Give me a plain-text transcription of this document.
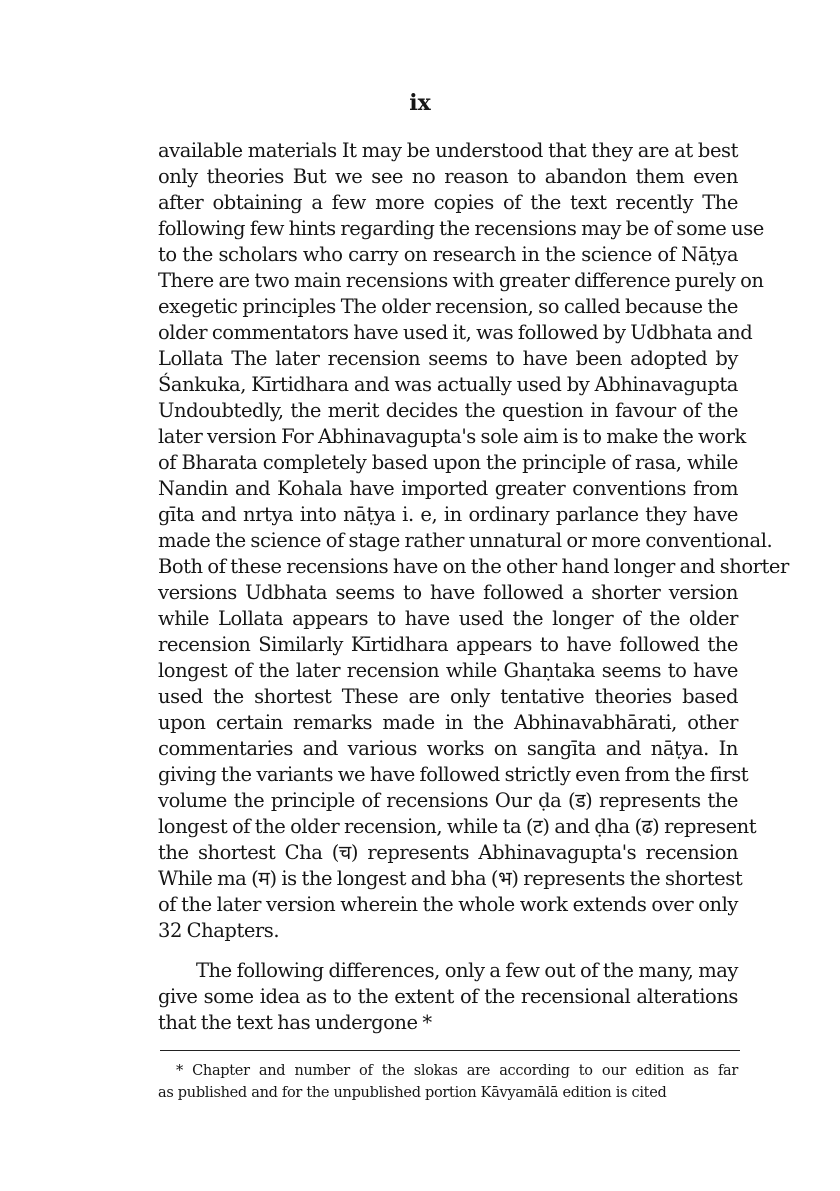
ix
available materials It may be understood that they are at best
only theories But we see no reason to abandon them even
after obtaining a few more copies of the text recently The
following few hints regarding the recensions may be of some use
to the scholars who carry on research in the science of Nāṭya
There are two main recensions with greater difference purely on
exegetic principles The older recension, so called because the
older commentators have used it, was followed by Udbhata and
Lollata The later recension seems to have been adopted by
Śankuka, Kīrtidhara and was actually used by Abhinavagupta
Undoubtedly, the merit decides the question in favour of the
later version For Abhinavagupta's sole aim is to make the work
of Bharata completely based upon the principle of rasa, while
Nandin and Kohala have imported greater conventions from
gīta and nrtya into nāṭya i. e, in ordinary parlance they have
made the science of stage rather unnatural or more conventional.
Both of these recensions have on the other hand longer and shorter
versions Udbhata seems to have followed a shorter version
while Lollata appears to have used the longer of the older
recension Similarly Kīrtidhara appears to have followed the
longest of the later recension while Ghaṇtaka seems to have
used the shortest These are only tentative theories based
upon certain remarks made in the Abhinavabhārati, other
commentaries and various works on sangīta and nāṭya. In
giving the variants we have followed strictly even from the first
volume the principle of recensions Our ḍa (ड) represents the
longest of the older recension, while ta (ट) and ḍha (ढ) represent
the shortest Cha (च) represents Abhinavagupta's recension
While ma (म) is the longest and bha (भ) represents the shortest
of the later version wherein the whole work extends over only
32 Chapters.
The following differences, only a few out of the many, may
give some idea as to the extent of the recensional alterations
that the text has undergone *
* Chapter and number of the slokas are according to our edition as far
as published and for the unpublished portion Kāvyamālā edition is cited
